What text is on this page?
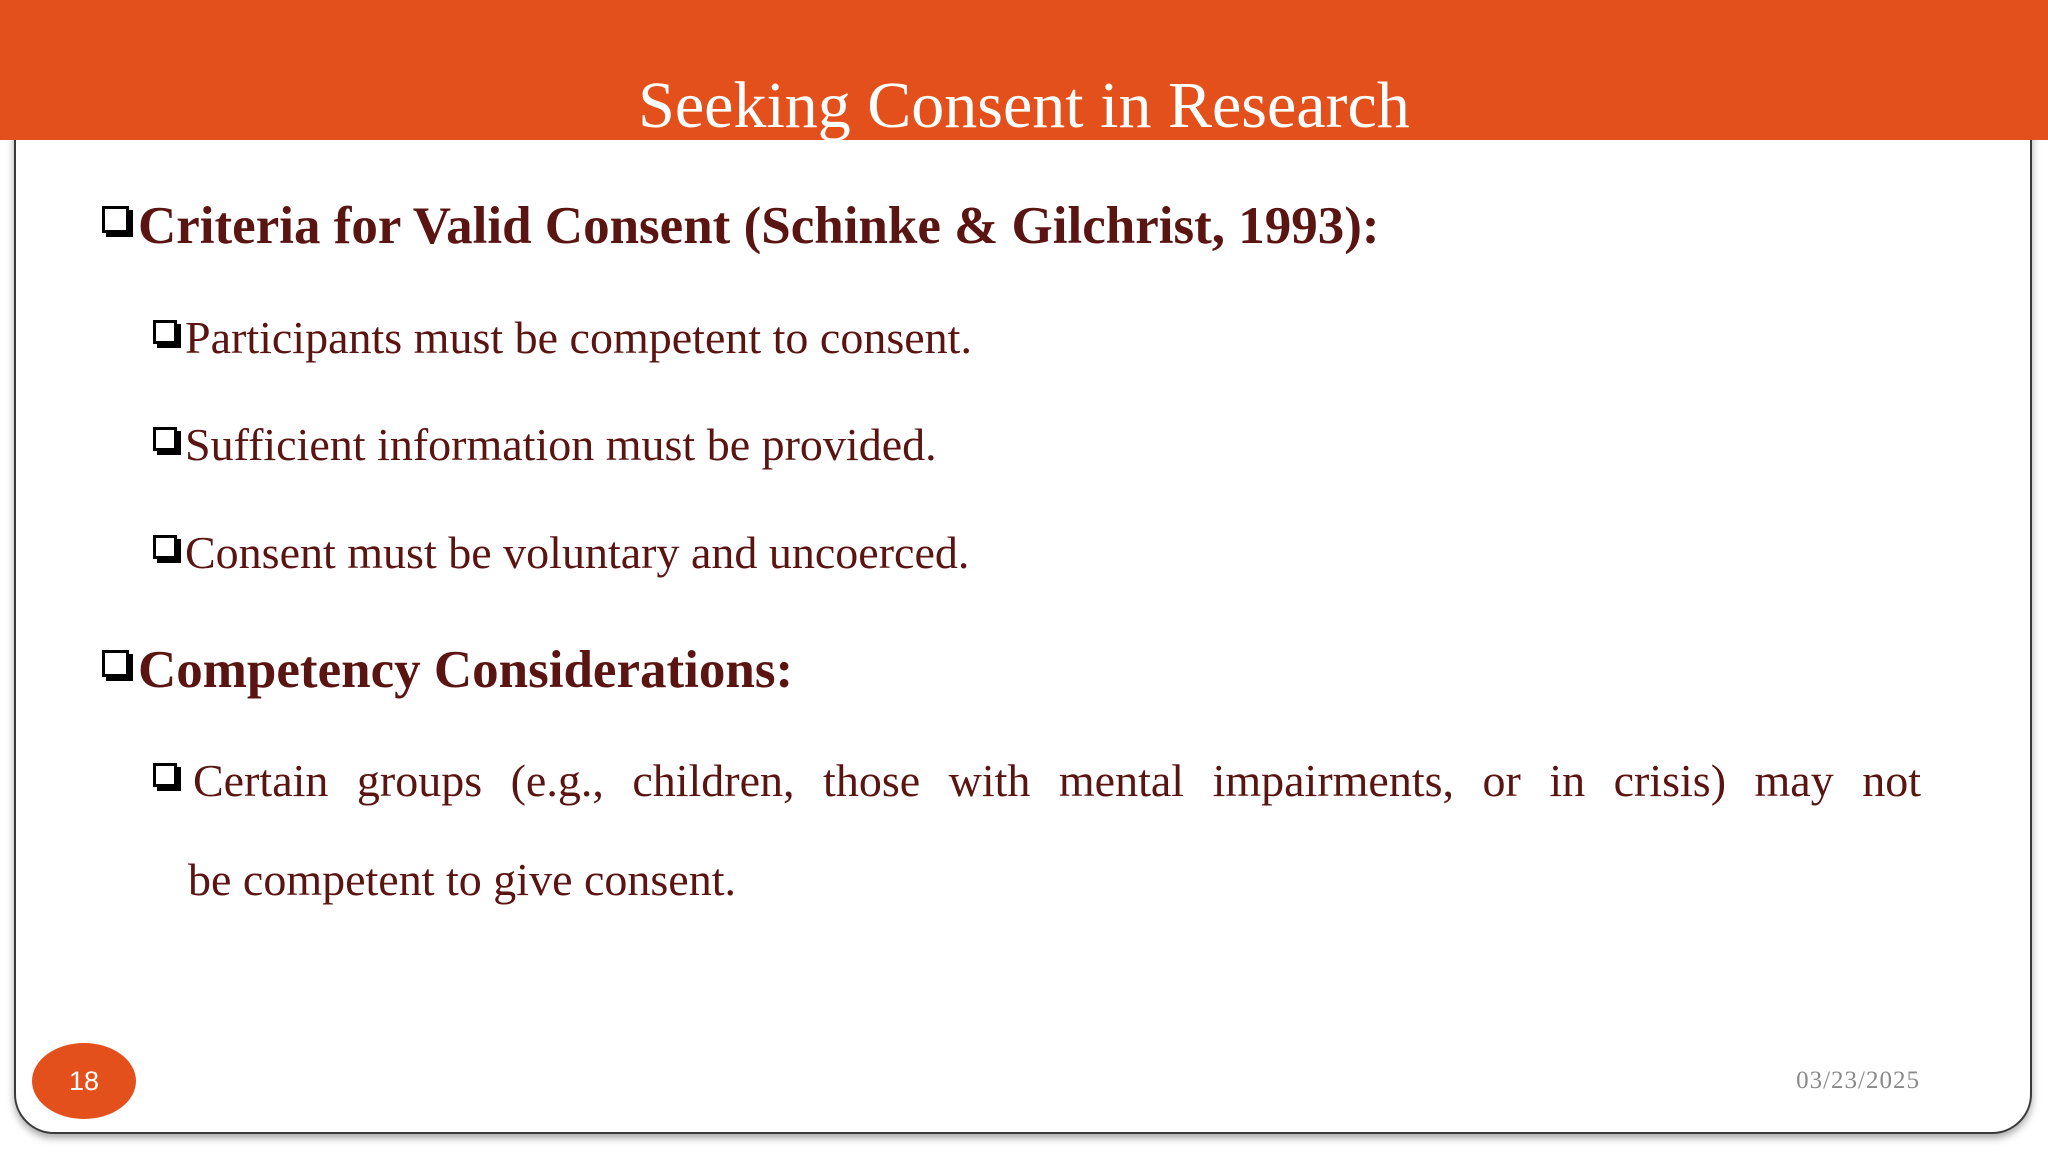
Seeking Consent in Research
Criteria for Valid Consent (Schinke & Gilchrist, 1993):
Participants must be competent to consent.
Sufficient information must be provided.
Consent must be voluntary and uncoerced.
Competency Considerations:
Certain groups (e.g., children, those with mental impairments, or in crisis) may not
be competent to give consent.
18	03/23/2025
